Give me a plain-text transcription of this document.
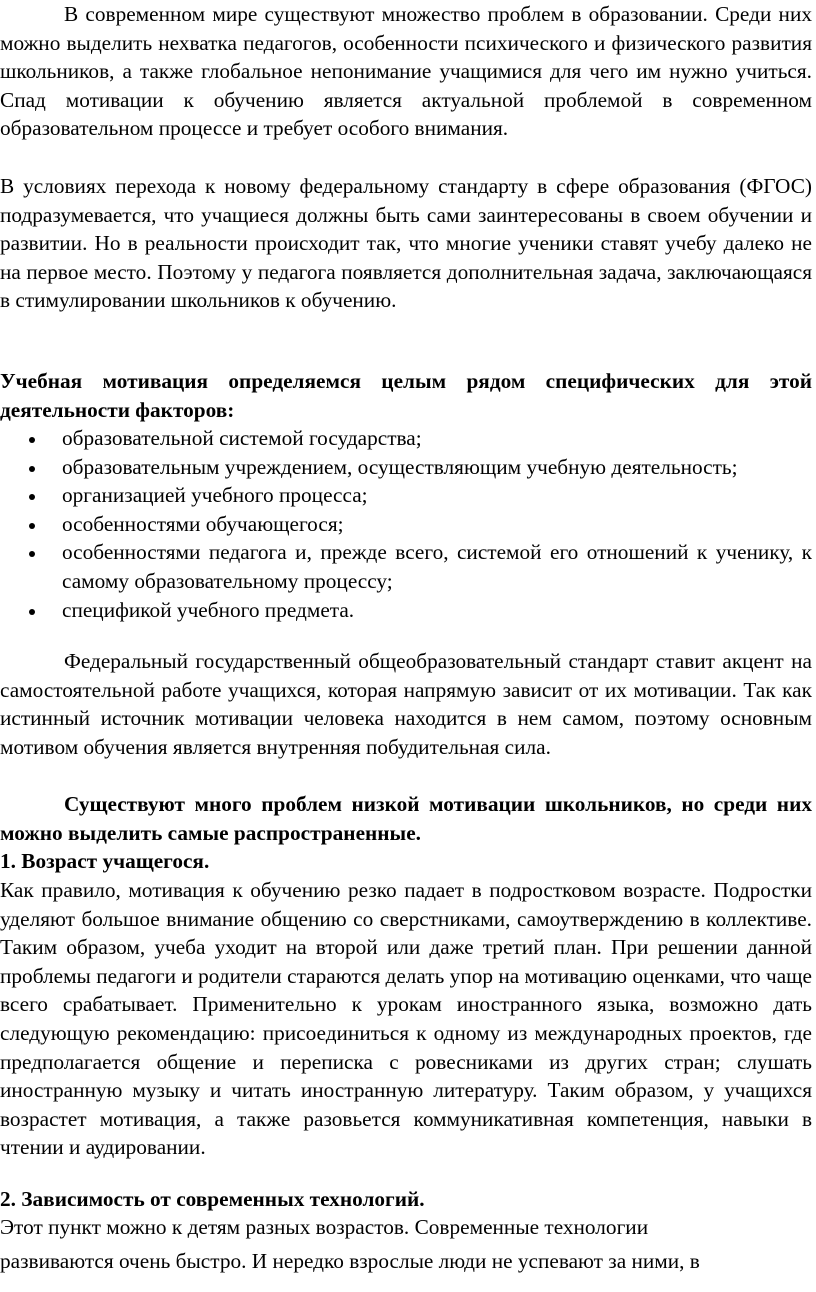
В современном мире существуют множество проблем в образовании. Среди них можно выделить нехватка педагогов, особенности психического и физического развития школьников, а также глобальное непонимание учащимися для чего им нужно учиться. Спад мотивации к обучению является актуальной проблемой в современном образовательном процессе и требует особого внимания.

В условиях перехода к новому федеральному стандарту в сфере образования (ФГОС) подразумевается, что учащиеся должны быть сами заинтересованы в своем обучении и развитии. Но в реальности происходит так, что многие ученики ставят учебу далеко не на первое место. Поэтому у педагога появляется дополнительная задача, заключающаяся в стимулировании школьников к обучению.

Учебная мотивация определяемся целым рядом специфических для этой деятельности факторов:

образовательной системой государства;
образовательным учреждением, осуществляющим учебную деятельность;
организацией учебного процесса;
особенностями обучающегося;
особенностями педагога и, прежде всего, системой его отношений к ученику, к самому образовательному процессу;
спецификой учебного предмета.

Федеральный государственный общеобразовательный стандарт ставит акцент на самостоятельной работе учащихся, которая напрямую зависит от их мотивации. Так как истинный источник мотивации человека находится в нем самом, поэтому основным мотивом обучения является внутренняя побудительная сила.

Существуют много проблем низкой мотивации школьников, но среди них можно выделить самые распространенные.

1. Возраст учащегося.

Как правило, мотивация к обучению резко падает в подростковом возрасте. Подростки уделяют большое внимание общению со сверстниками, самоутверждению в коллективе. Таким образом, учеба уходит на второй или даже третий план. При решении данной проблемы педагоги и родители стараются делать упор на мотивацию оценками, что чаще всего срабатывает. Применительно к урокам иностранного языка, возможно дать следующую рекомендацию: присоединиться к одному из международных проектов, где предполагается общение и переписка с ровесниками из других стран; слушать иностранную музыку и читать иностранную литературу. Таким образом, у учащихся возрастет мотивация, а также разовьется коммуникативная компетенция, навыки в чтении и аудировании.

2. Зависимость от современных технологий.

Этот пункт можно к детям разных возрастов. Современные технологии

развиваются очень быстро. И нередко взрослые люди не успевают за ними, в
